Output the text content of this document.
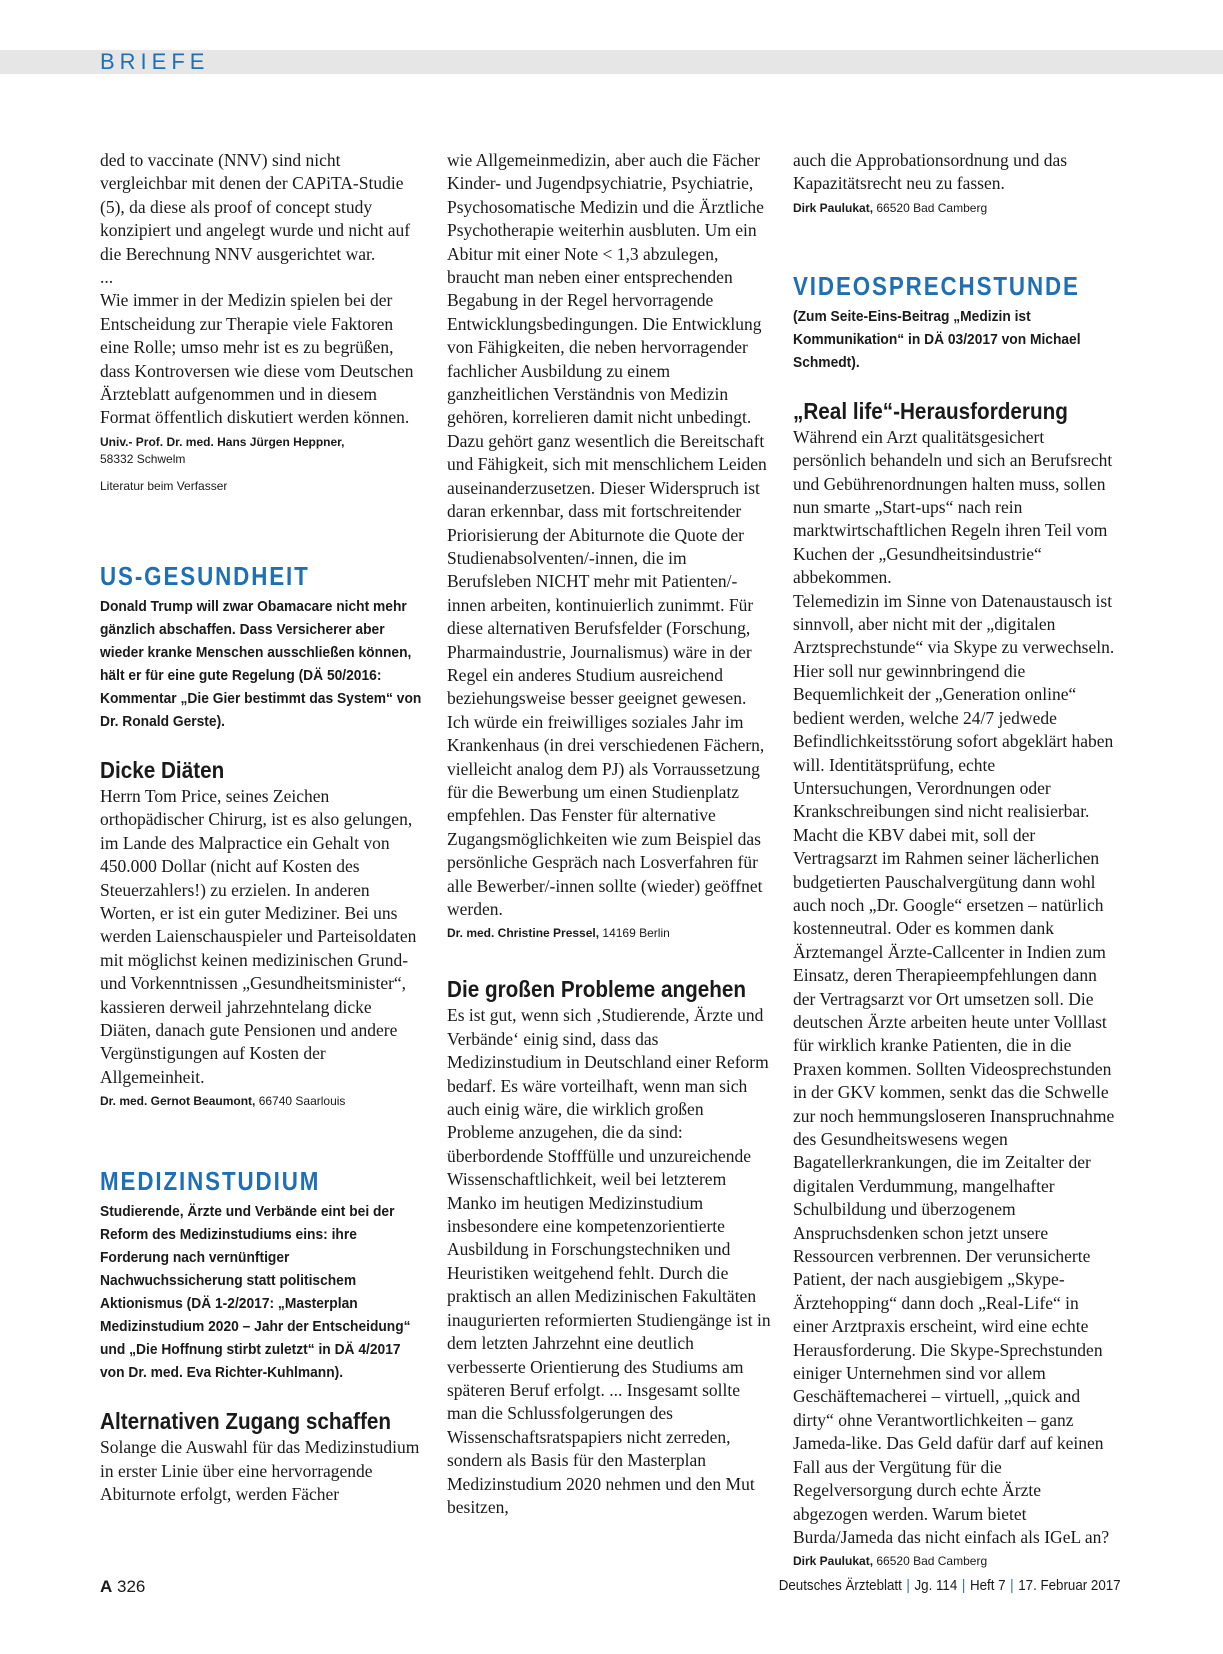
BRIEFE

ded to vaccinate (NNV) sind nicht vergleichbar mit denen der CAPiTA-Studie (5), da diese als proof of concept study konzipiert und angelegt wurde und nicht auf die Berechnung NNV ausgerichtet war.

...

Wie immer in der Medizin spielen bei der Entscheidung zur Therapie viele Faktoren eine Rolle; umso mehr ist es zu begrüßen, dass Kontroversen wie diese vom Deutschen Ärzteblatt aufgenommen und in diesem Format öffentlich diskutiert werden können.

Univ.- Prof. Dr. med. Hans Jürgen Heppner,
58332 Schwelm

Literatur beim Verfasser

US-GESUNDHEIT

Donald Trump will zwar Obamacare nicht mehr gänzlich abschaffen. Dass Versicherer aber wieder kranke Menschen ausschließen können, hält er für eine gute Regelung (DÄ 50/2016: Kommentar „Die Gier bestimmt das System“ von Dr. Ronald Gerste).

Dicke Diäten

Herrn Tom Price, seines Zeichen orthopädischer Chirurg, ist es also gelungen, im Lande des Malpractice ein Gehalt von 450.000 Dollar (nicht auf Kosten des Steuerzahlers!) zu erzielen. In anderen Worten, er ist ein guter Mediziner. Bei uns werden Laienschauspieler und Parteisoldaten mit möglichst keinen medizinischen Grund- und Vorkenntnissen „Gesundheitsminister“, kassieren derweil jahrzehntelang dicke Diäten, danach gute Pensionen und andere Vergünstigungen auf Kosten der Allgemeinheit.

Dr. med. Gernot Beaumont, 66740 Saarlouis

MEDIZINSTUDIUM

Studierende, Ärzte und Verbände eint bei der Reform des Medizinstudiums eins: ihre Forderung nach vernünftiger Nachwuchssicherung statt politischem Aktionismus (DÄ 1-2/2017: „Masterplan Medizinstudium 2020 – Jahr der Entscheidung“ und „Die Hoffnung stirbt zuletzt“ in DÄ 4/2017 von Dr. med. Eva Richter-Kuhlmann).

Alternativen Zugang schaffen

Solange die Auswahl für das Medizinstudium in erster Linie über eine hervorragende Abiturnote erfolgt, werden Fächer

wie Allgemeinmedizin, aber auch die Fächer Kinder- und Jugendpsychiatrie, Psychiatrie, Psychosomatische Medizin und die Ärztliche Psychotherapie weiterhin ausbluten. Um ein Abitur mit einer Note < 1,3 abzulegen, braucht man neben einer entsprechenden Begabung in der Regel hervorragende Entwicklungsbedingungen. Die Entwicklung von Fähigkeiten, die neben hervorragender fachlicher Ausbildung zu einem ganzheitlichen Verständnis von Medizin gehören, korrelieren damit nicht unbedingt. Dazu gehört ganz wesentlich die Bereitschaft und Fähigkeit, sich mit menschlichem Leiden auseinanderzusetzen. Dieser Widerspruch ist daran erkennbar, dass mit fortschreitender Priorisierung der Abiturnote die Quote der Studienabsolventen/-innen, die im Berufsleben NICHT mehr mit Patienten/-innen arbeiten, kontinuierlich zunimmt. Für diese alternativen Berufsfelder (Forschung, Pharmaindustrie, Journalismus) wäre in der Regel ein anderes Studium ausreichend beziehungsweise besser geeignet gewesen. Ich würde ein freiwilliges soziales Jahr im Krankenhaus (in drei verschiedenen Fächern, vielleicht analog dem PJ) als Vorraussetzung für die Bewerbung um einen Studienplatz empfehlen. Das Fenster für alternative Zugangsmöglichkeiten wie zum Beispiel das persönliche Gespräch nach Losverfahren für alle Bewerber/-innen sollte (wieder) geöffnet werden.

Dr. med. Christine Pressel, 14169 Berlin

Die großen Probleme angehen

Es ist gut, wenn sich ‚Studierende, Ärzte und Verbände‘ einig sind, dass das Medizinstudium in Deutschland einer Reform bedarf. Es wäre vorteilhaft, wenn man sich auch einig wäre, die wirklich großen Probleme anzugehen, die da sind: überbordende Stofffülle und unzureichende Wissenschaftlichkeit, weil bei letzterem Manko im heutigen Medizinstudium insbesondere eine kompetenzorientierte Ausbildung in Forschungstechniken und Heuristiken weitgehend fehlt. Durch die praktisch an allen Medizinischen Fakultäten inaugurierten reformierten Studiengänge ist in dem letzten Jahrzehnt eine deutlich verbesserte Orientierung des Studiums am späteren Beruf erfolgt. ... Insgesamt sollte man die Schlussfolgerungen des Wissenschaftsratspapiers nicht zerreden, sondern als Basis für den Masterplan Medizinstudium 2020 nehmen und den Mut besitzen,

auch die Approbationsordnung und das Kapazitätsrecht neu zu fassen.

Dirk Paulukat, 66520 Bad Camberg

VIDEOSPRECHSTUNDE

(Zum Seite-Eins-Beitrag „Medizin ist Kommunikation“ in DÄ 03/2017 von Michael Schmedt).

„Real life“-Herausforderung

Während ein Arzt qualitätsgesichert persönlich behandeln und sich an Berufsrecht und Gebührenordnungen halten muss, sollen nun smarte „Start-ups“ nach rein marktwirtschaftlichen Regeln ihren Teil vom Kuchen der „Gesundheitsindustrie“ abbekommen.

Telemedizin im Sinne von Datenaustausch ist sinnvoll, aber nicht mit der „digitalen Arztsprechstunde“ via Skype zu verwechseln. Hier soll nur gewinnbringend die Bequemlichkeit der „Generation online“ bedient werden, welche 24/7 jedwede Befindlichkeitsstörung sofort abgeklärt haben will. Identitätsprüfung, echte Untersuchungen, Verordnungen oder Krankschreibungen sind nicht realisierbar.

Macht die KBV dabei mit, soll der Vertragsarzt im Rahmen seiner lächerlichen budgetierten Pauschalvergütung dann wohl auch noch „Dr. Google“ ersetzen – natürlich kostenneutral. Oder es kommen dank Ärztemangel Ärzte-Callcenter in Indien zum Einsatz, deren Therapieempfehlungen dann der Vertragsarzt vor Ort umsetzen soll. Die deutschen Ärzte arbeiten heute unter Volllast für wirklich kranke Patienten, die in die Praxen kommen. Sollten Videosprechstunden in der GKV kommen, senkt das die Schwelle zur noch hemmungsloseren Inanspruchnahme des Gesundheitswesens wegen Bagatellerkrankungen, die im Zeitalter der digitalen Verdummung, mangelhafter Schulbildung und überzogenem Anspruchsdenken schon jetzt unsere Ressourcen verbrennen. Der verunsicherte Patient, der nach ausgiebigem „Skype-Ärztehopping“ dann doch „Real-Life“ in einer Arztpraxis erscheint, wird eine echte Herausforderung. Die Skype-Sprechstunden einiger Unternehmen sind vor allem Geschäftemacherei – virtuell, „quick and dirty“ ohne Verantwortlichkeiten – ganz Jameda-like. Das Geld dafür darf auf keinen Fall aus der Vergütung für die Regelversorgung durch echte Ärzte abgezogen werden. Warum bietet Burda/Jameda das nicht einfach als IGeL an?

Dirk Paulukat, 66520 Bad Camberg

A 326	Deutsches Ärzteblatt | Jg. 114 | Heft 7 | 17. Februar 2017
